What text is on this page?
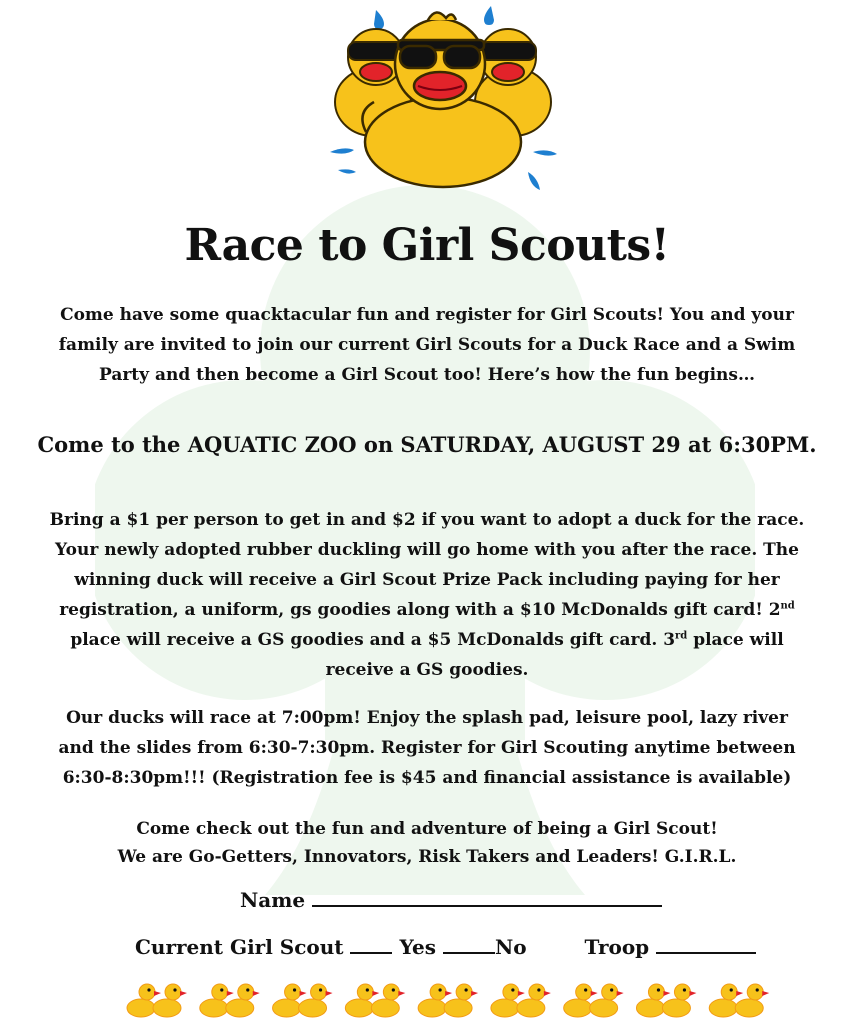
Race to Girl Scouts!
Come have some quacktacular fun and register for Girl Scouts! You and your
family are invited to join our current Girl Scouts for a Duck Race and a Swim
Party and then become a Girl Scout too! Here’s how the fun begins…
Come to the AQUATIC ZOO on SATURDAY, AUGUST 29 at 6:30PM.
Bring a $1 per person to get in and $2 if you want to adopt a duck for the race.
Your newly adopted rubber duckling will go home with you after the race. The
winning duck will receive a Girl Scout Prize Pack including paying for her
registration, a uniform, gs goodies along with a $10 McDonalds gift card! 2nd
place will receive a GS goodies and a $5 McDonalds gift card. 3rd place will
receive a GS goodies.
Our ducks will race at 7:00pm! Enjoy the splash pad, leisure pool, lazy river
and the slides from 6:30-7:30pm. Register for Girl Scouting anytime between
6:30-8:30pm!!! (Registration fee is $45 and financial assistance is available)
Come check out the fun and adventure of being a Girl Scout!
We are Go-Getters, Innovators, Risk Takers and Leaders! G.I.R.L.
Name
Current Girl Scout	Yes	No	Troop
